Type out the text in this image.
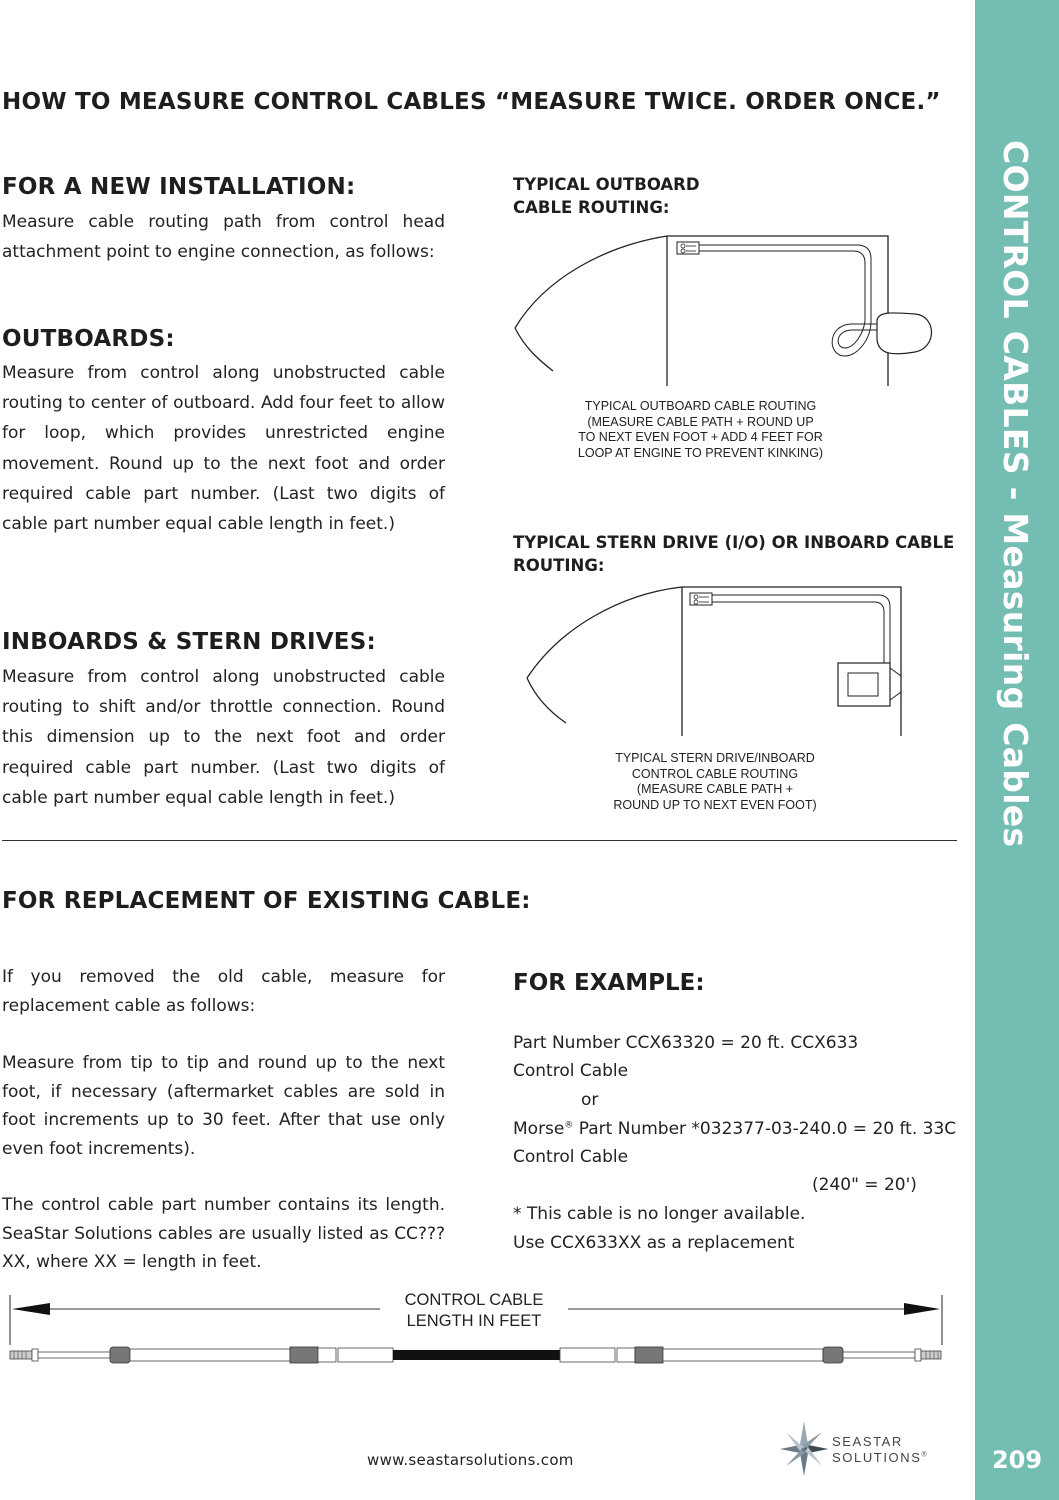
CONTROL CABLES - Measuring Cables
209
HOW TO MEASURE CONTROL CABLES “MEASURE TWICE. ORDER ONCE.”
FOR A NEW INSTALLATION:
Measure cable routing path from control head attachment point to engine connection, as follows:
OUTBOARDS:
Measure from control along unobstructed cable routing to center of outboard. Add four feet to allow for loop, which provides unrestricted engine movement. Round up to the next foot and order required cable part number. (Last two digits of cable part number equal cable length in feet.)
INBOARDS & STERN DRIVES:
Measure from control along unobstructed cable routing to shift and/or throttle connection. Round this dimension up to the next foot and order required cable part number. (Last two digits of cable part number equal cable length in feet.)
TYPICAL OUTBOARD
CABLE ROUTING:
TYPICAL OUTBOARD CABLE ROUTING
(MEASURE CABLE PATH + ROUND UP
TO NEXT EVEN FOOT + ADD 4 FEET FOR
LOOP AT ENGINE TO PREVENT KINKING)
TYPICAL STERN DRIVE (I/O) OR INBOARD CABLE ROUTING:
TYPICAL STERN DRIVE/INBOARD
CONTROL CABLE ROUTING
(MEASURE CABLE PATH +
ROUND UP TO NEXT EVEN FOOT)
FOR REPLACEMENT OF EXISTING CABLE:
If you removed the old cable, measure for replacement cable as follows:
Measure from tip to tip and round up to the next foot, if necessary (aftermarket cables are sold in foot increments up to 30 feet. After that use only even foot increments).
The control cable part number contains its length. SeaStar Solutions cables are usually listed as CC???XX, where XX = length in feet.
FOR EXAMPLE:
Part Number CCX63320 = 20 ft. CCX633
Control Cable
or
Morse® Part Number *032377-03-240.0 = 20 ft. 33C
Control Cable
(240" = 20')
* This cable is no longer available.
Use CCX633XX as a replacement
CONTROL CABLE
LENGTH IN FEET
www.seastarsolutions.com
SEASTAR
SOLUTIONS®
